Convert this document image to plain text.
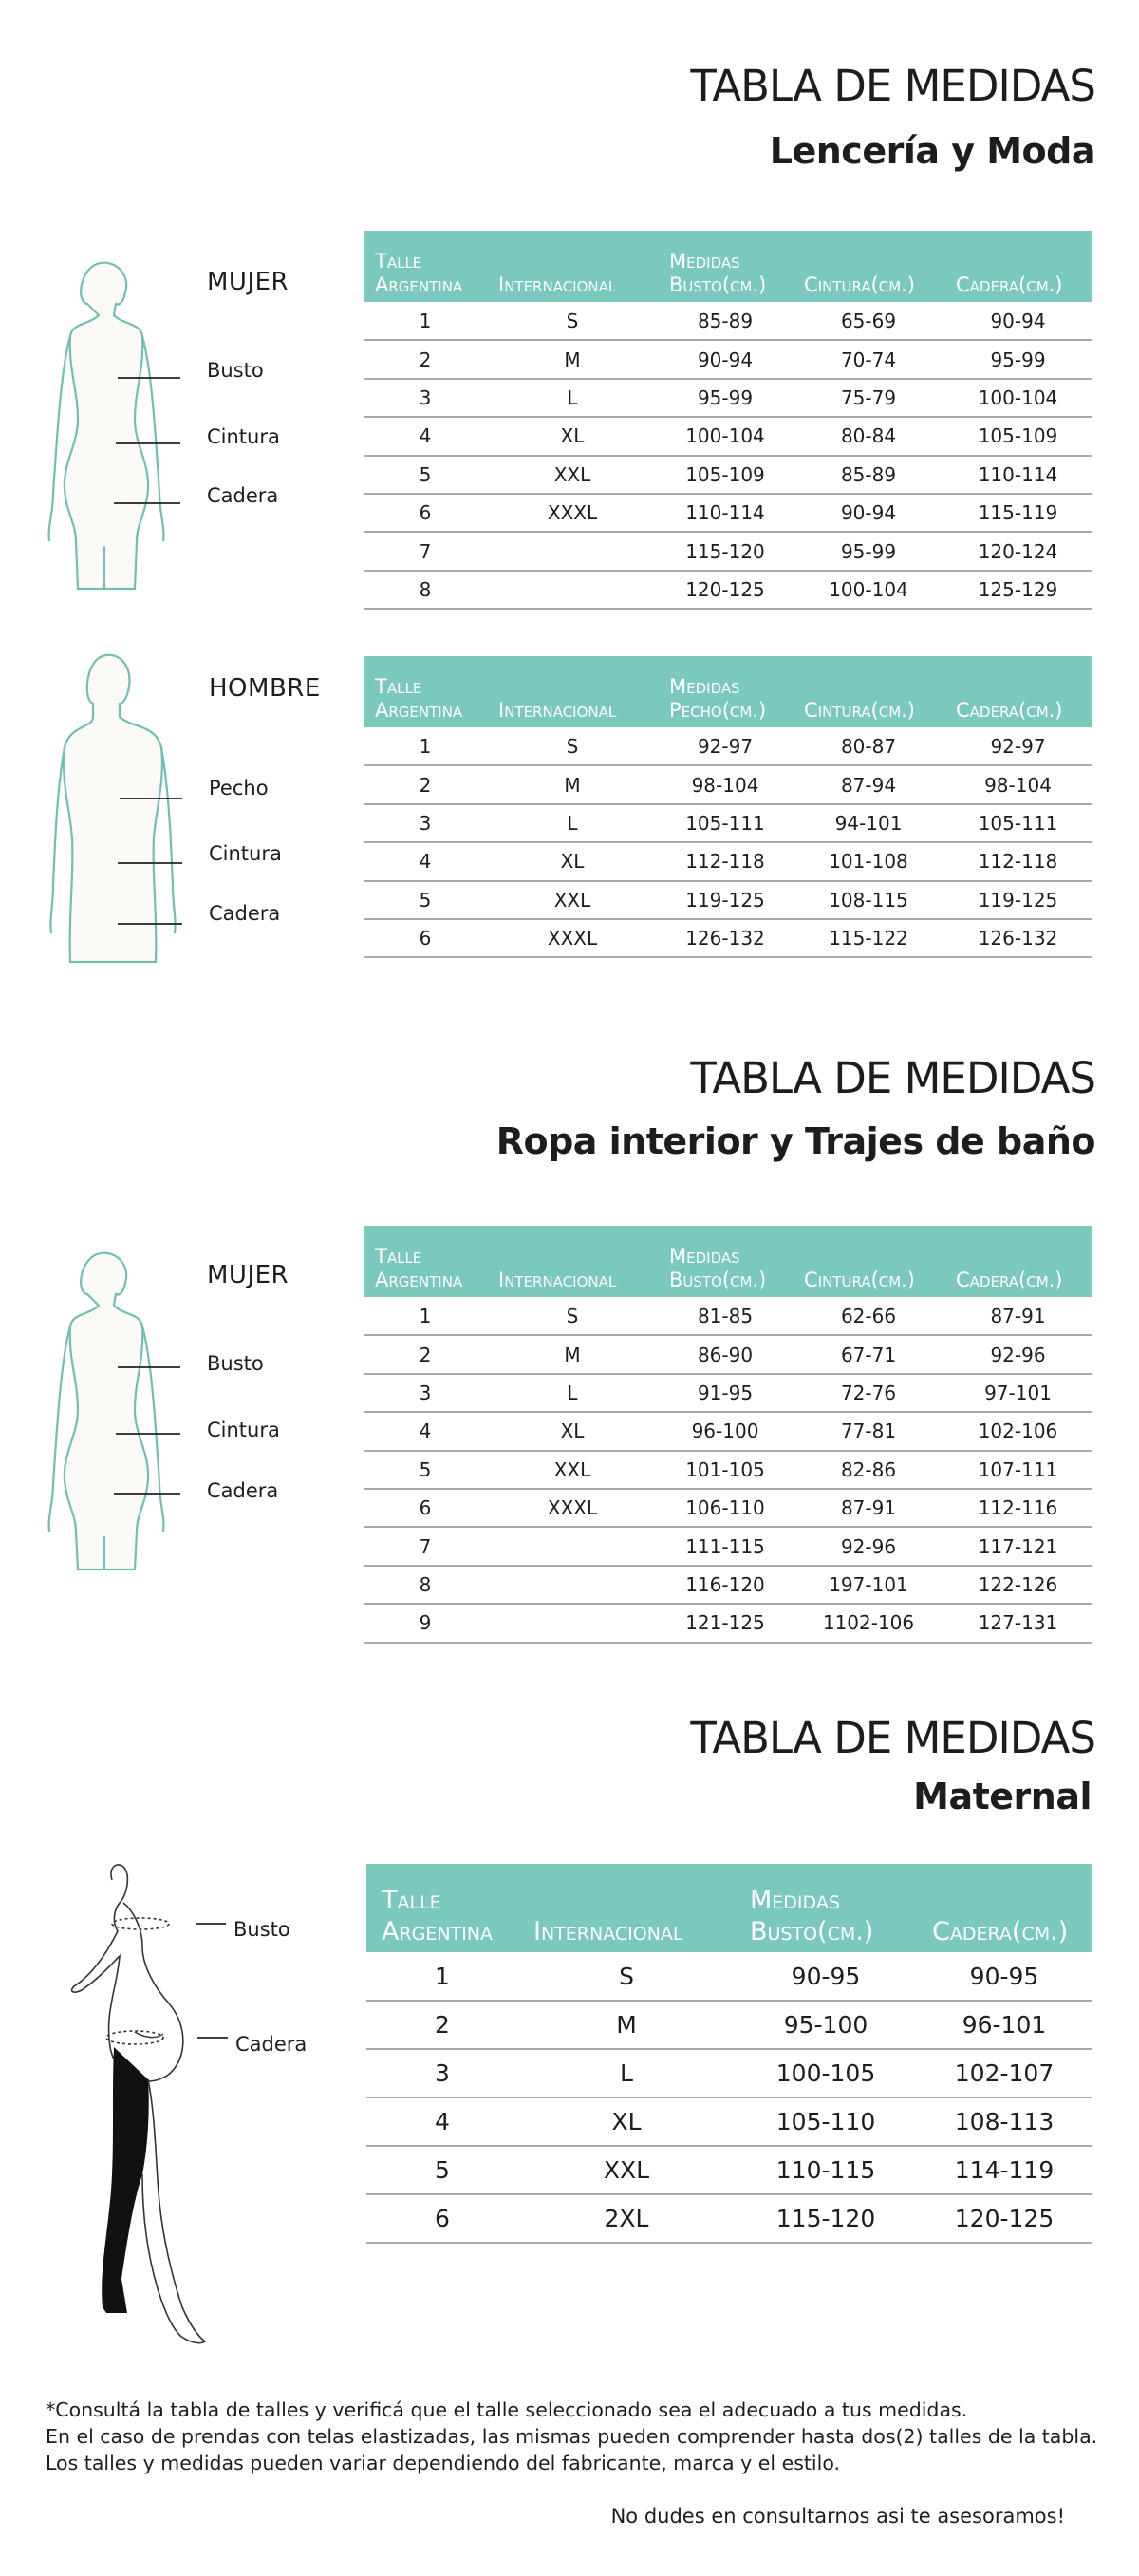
TABLA DE MEDIDAS
Lencería y Moda
MUJER
Busto
Cintura
Cadera
Talle
Argentina	Internacional	Medidas
Busto(cm.)	Cintura(cm.)	Cadera(cm.)
1	S	85-89	65-69	90-94
2	M	90-94	70-74	95-99
3	L	95-99	75-79	100-104
4	XL	100-104	80-84	105-109
5	XXL	105-109	85-89	110-114
6	XXXL	110-114	90-94	115-119
7		115-120	95-99	120-124
8		120-125	100-104	125-129
HOMBRE
Pecho
Cintura
Cadera
Talle
Argentina	Internacional	Medidas
Pecho(cm.)	Cintura(cm.)	Cadera(cm.)
1	S	92-97	80-87	92-97
2	M	98-104	87-94	98-104
3	L	105-111	94-101	105-111
4	XL	112-118	101-108	112-118
5	XXL	119-125	108-115	119-125
6	XXXL	126-132	115-122	126-132
TABLA DE MEDIDAS
Ropa interior y Trajes de baño
MUJER
Busto
Cintura
Cadera
Talle
Argentina	Internacional	Medidas
Busto(cm.)	Cintura(cm.)	Cadera(cm.)
1	S	81-85	62-66	87-91
2	M	86-90	67-71	92-96
3	L	91-95	72-76	97-101
4	XL	96-100	77-81	102-106
5	XXL	101-105	82-86	107-111
6	XXXL	106-110	87-91	112-116
7		111-115	92-96	117-121
8		116-120	197-101	122-126
9		121-125	1102-106	127-131
TABLA DE MEDIDAS
Maternal
Busto
Cadera
Talle
Argentina	Internacional	Medidas
Busto(cm.)	Cadera(cm.)
1	S	90-95	90-95
2	M	95-100	96-101
3	L	100-105	102-107
4	XL	105-110	108-113
5	XXL	110-115	114-119
6	2XL	115-120	120-125
*Consultá la tabla de talles y verificá que el talle seleccionado sea el adecuado a tus medidas.
En el caso de prendas con telas elastizadas, las mismas pueden comprender hasta dos(2) talles de la tabla.
Los talles y medidas pueden variar dependiendo del fabricante, marca y el estilo.
No dudes en consultarnos asi te asesoramos!
